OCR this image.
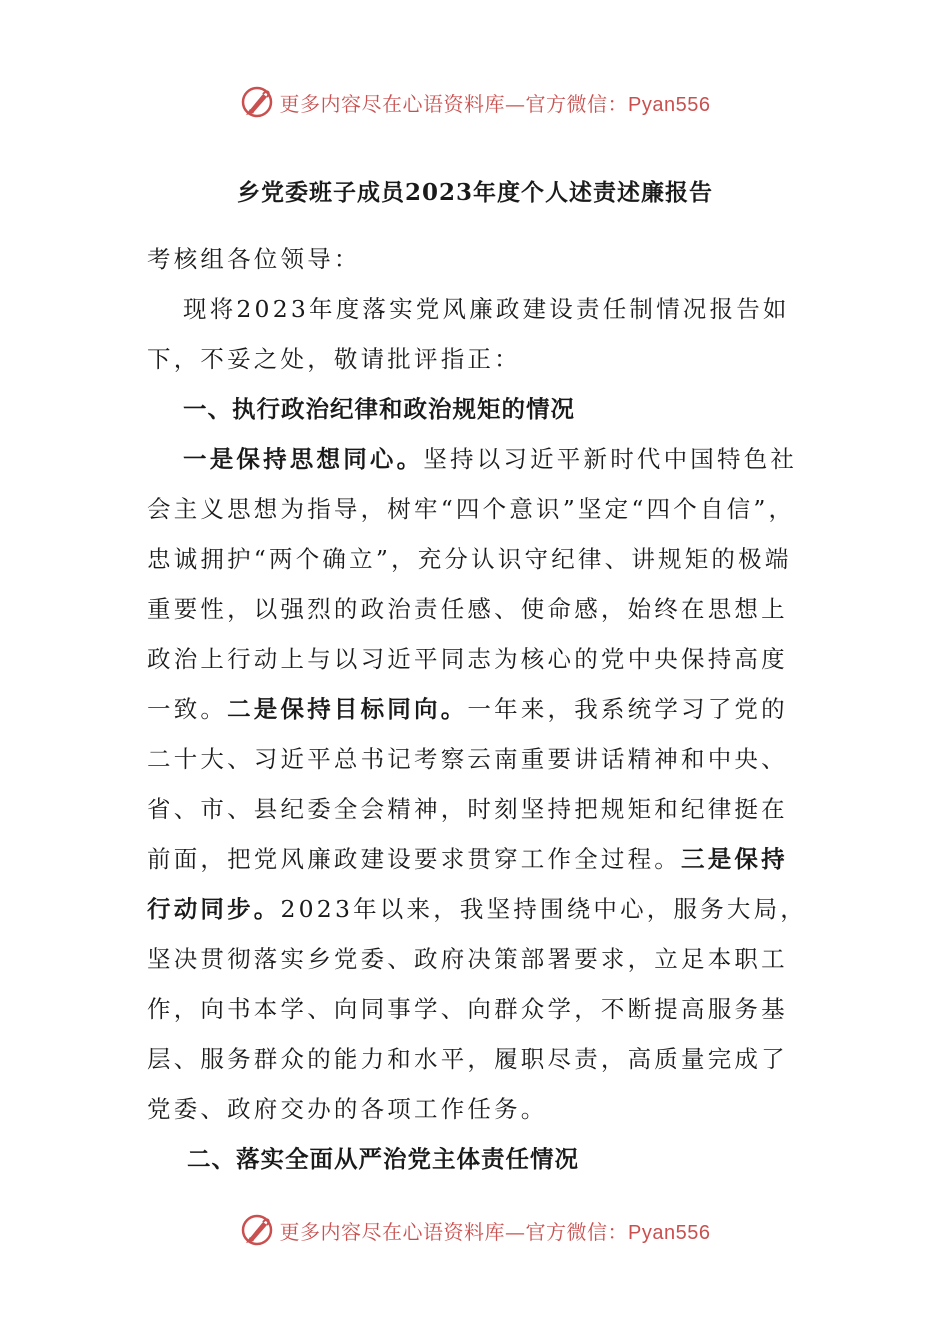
更多内容尽在心语资料库—官方微信：Pyan556
乡党委班子成员2023年度个人述责述廉报告

考核组各位领导：

现将2023年度落实党风廉政建设责任制情况报告如下，不妥之处，敬请批评指正：

一、执行政治纪律和政治规矩的情况

一是保持思想同心。坚持以习近平新时代中国特色社会主义思想为指导，树牢“四个意识”坚定“四个自信”，忠诚拥护“两个确立”，充分认识守纪律、讲规矩的极端重要性，以强烈的政治责任感、使命感，始终在思想上政治上行动上与以习近平同志为核心的党中央保持高度一致。二是保持目标同向。一年来，我系统学习了党的二十大、习近平总书记考察云南重要讲话精神和中央、省、市、县纪委全会精神，时刻坚持把规矩和纪律挺在前面，把党风廉政建设要求贯穿工作全过程。三是保持行动同步。2023年以来，我坚持围绕中心，服务大局，坚决贯彻落实乡党委、政府决策部署要求，立足本职工作，向书本学、向同事学、向群众学，不断提高服务基层、服务群众的能力和水平，履职尽责，高质量完成了党委、政府交办的各项工作任务。

二、落实全面从严治党主体责任情况

更多内容尽在心语资料库—官方微信：Pyan556
